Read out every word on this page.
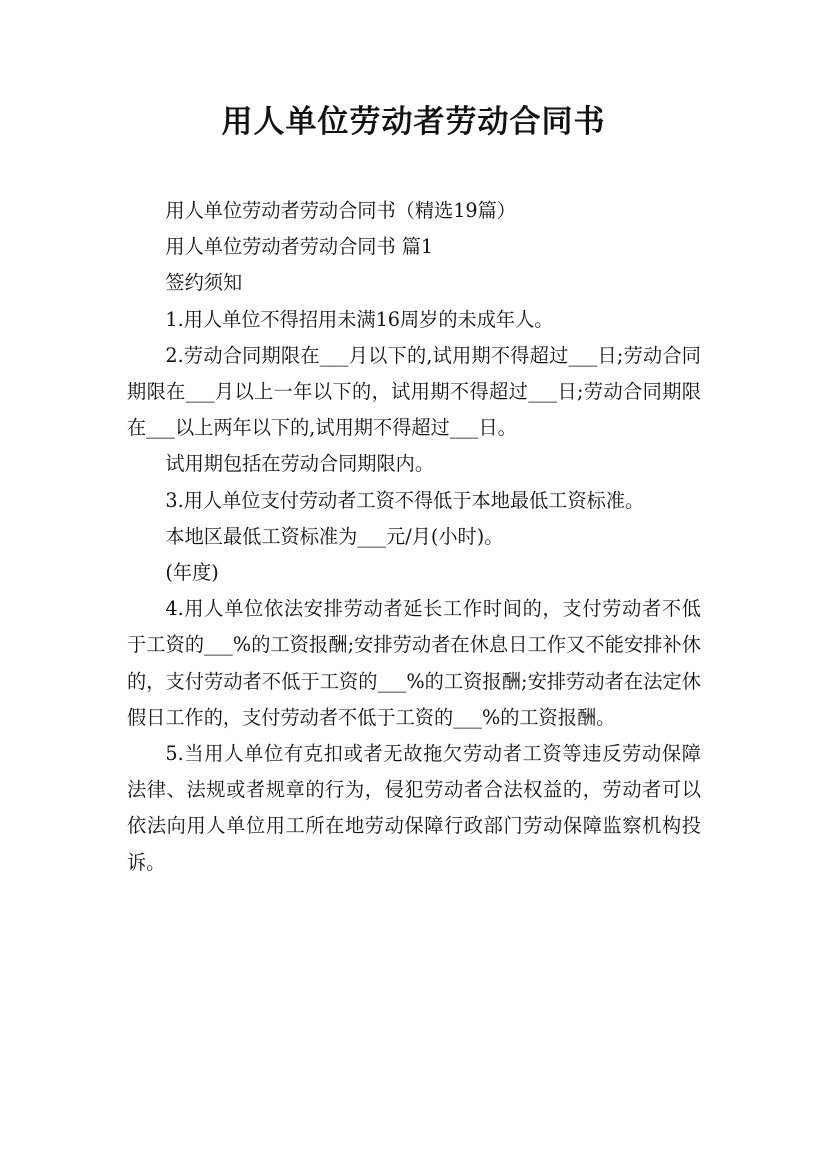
用人单位劳动者劳动合同书

用人单位劳动者劳动合同书（精选19篇）

用人单位劳动者劳动合同书 篇1

签约须知

1.用人单位不得招用未满16周岁的未成年人。

2.劳动合同期限在___月以下的,试用期不得超过___日;劳动合同期限在___月以上一年以下的，试用期不得超过___日;劳动合同期限在___以上两年以下的,试用期不得超过___日。

试用期包括在劳动合同期限内。

3.用人单位支付劳动者工资不得低于本地最低工资标准。

本地区最低工资标准为___元/月(小时)。

(年度)

4.用人单位依法安排劳动者延长工作时间的，支付劳动者不低于工资的___%的工资报酬;安排劳动者在休息日工作又不能安排补休的，支付劳动者不低于工资的___%的工资报酬;安排劳动者在法定休假日工作的，支付劳动者不低于工资的___%的工资报酬。

5.当用人单位有克扣或者无故拖欠劳动者工资等违反劳动保障法律、法规或者规章的行为，侵犯劳动者合法权益的，劳动者可以依法向用人单位用工所在地劳动保障行政部门劳动保障监察机构投诉。
